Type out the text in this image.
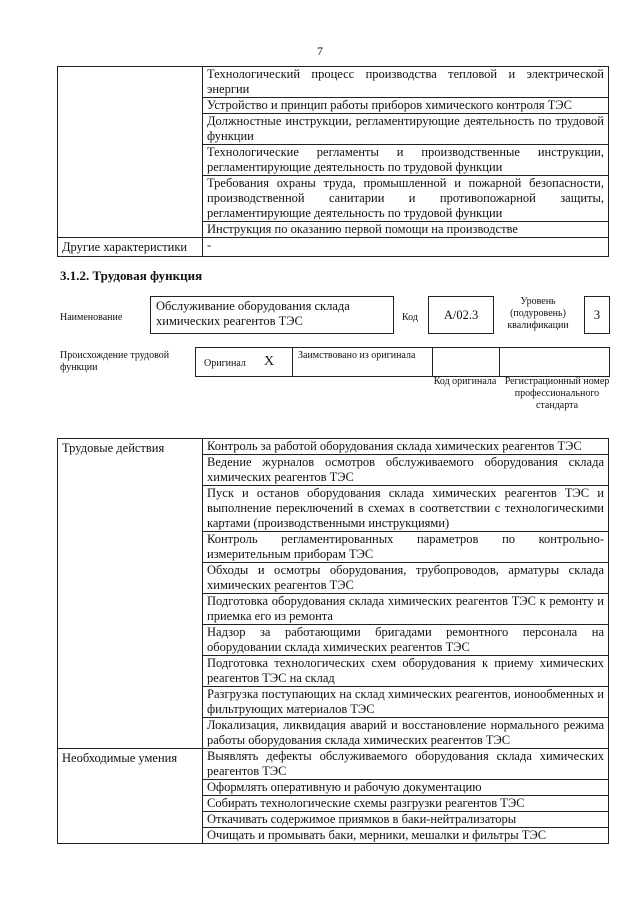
7
	Технологический процесс производства тепловой и электрической энергии
	Устройство и принцип работы приборов химического контроля ТЭС
	Должностные инструкции, регламентирующие деятельность по трудовой функции
	Технологические регламенты и производственные инструкции, регламентирующие деятельность по трудовой функции
	Требования охраны труда, промышленной и пожарной безопасности, производственной санитарии и противопожарной защиты, регламентирующие деятельность по трудовой функции
	Инструкция по оказанию первой помощи на производстве
Другие характеристики	-
3.1.2. Трудовая функция
Наименование
Обслуживание оборудования склада химических реагентов ТЭС	Код	A/02.3
Уровень (подуровень) квалификации
3
Происхождение трудовой функции	Оригинал X Заимствовано из оригинала
Код оригинала Регистрационный номер профессионального стандарта
Трудовые действия	Контроль за работой оборудования склада химических реагентов ТЭС
	Ведение журналов осмотров обслуживаемого оборудования склада химических реагентов ТЭС
	Пуск и останов оборудования склада химических реагентов ТЭС и выполнение переключений в схемах в соответствии с технологическими картами (производственными инструкциями)
	Контроль регламентированных параметров по контрольно-измерительным приборам ТЭС
	Обходы и осмотры оборудования, трубопроводов, арматуры склада химических реагентов ТЭС
	Подготовка оборудования склада химических реагентов ТЭС к ремонту и приемка его из ремонта
	Надзор за работающими бригадами ремонтного персонала на оборудовании склада химических реагентов ТЭС
	Подготовка технологических схем оборудования к приему химических реагентов ТЭС на склад
	Разгрузка поступающих на склад химических реагентов, ионообменных и фильтрующих материалов ТЭС
	Локализация, ликвидация аварий и восстановление нормального режима работы оборудования склада химических реагентов ТЭС
Необходимые умения	Выявлять дефекты обслуживаемого оборудования склада химических реагентов ТЭС
	Оформлять оперативную и рабочую документацию
	Собирать технологические схемы разгрузки реагентов ТЭС
	Откачивать содержимое приямков в баки-нейтрализаторы
	Очищать и промывать баки, мерники, мешалки и фильтры ТЭС
